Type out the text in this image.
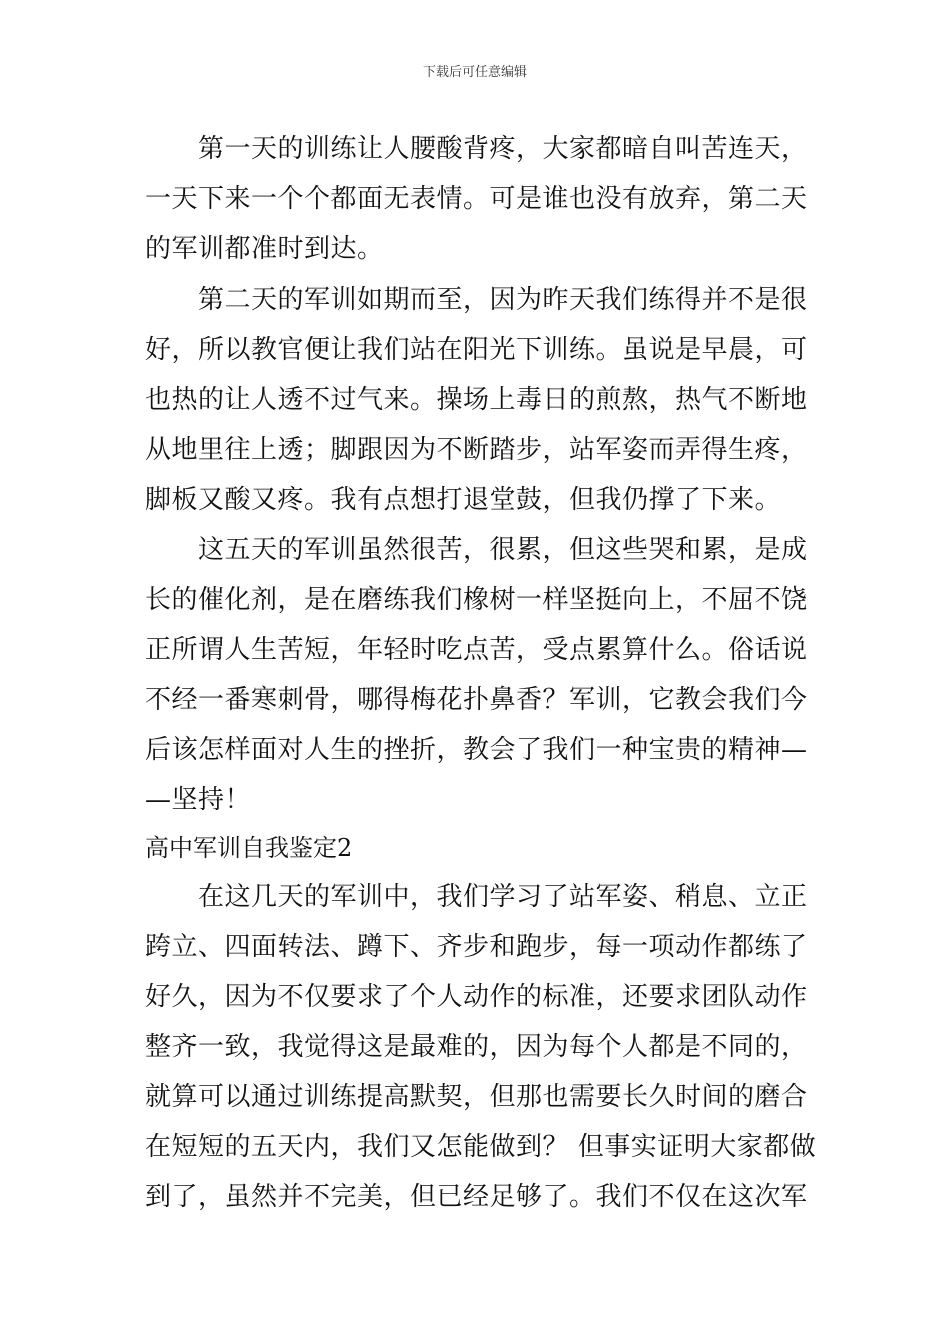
下载后可任意编辑
第一天的训练让人腰酸背疼，大家都暗自叫苦连天，
一天下来一个个都面无表情。可是谁也没有放弃，第二天
的军训都准时到达。
第二天的军训如期而至，因为昨天我们练得并不是很
好，所以教官便让我们站在阳光下训练。虽说是早晨，可
也热的让人透不过气来。操场上毒日的煎熬，热气不断地
从地里往上透；脚跟因为不断踏步，站军姿而弄得生疼，
脚板又酸又疼。我有点想打退堂鼓，但我仍撑了下来。
这五天的军训虽然很苦，很累，但这些哭和累，是成
长的催化剂，是在磨练我们橡树一样坚挺向上，不屈不饶
正所谓人生苦短，年轻时吃点苦，受点累算什么。俗话说
不经一番寒刺骨，哪得梅花扑鼻香？军训，它教会我们今
后该怎样面对人生的挫折，教会了我们一种宝贵的精神—
—坚持！
高中军训自我鉴定2
在这几天的军训中，我们学习了站军姿、稍息、立正
跨立、四面转法、蹲下、齐步和跑步，每一项动作都练了
好久，因为不仅要求了个人动作的标准，还要求团队动作
整齐一致，我觉得这是最难的，因为每个人都是不同的，
就算可以通过训练提高默契，但那也需要长久时间的磨合
在短短的五天内，我们又怎能做到？ 但事实证明大家都做
到了，虽然并不完美，但已经足够了。我们不仅在这次军
